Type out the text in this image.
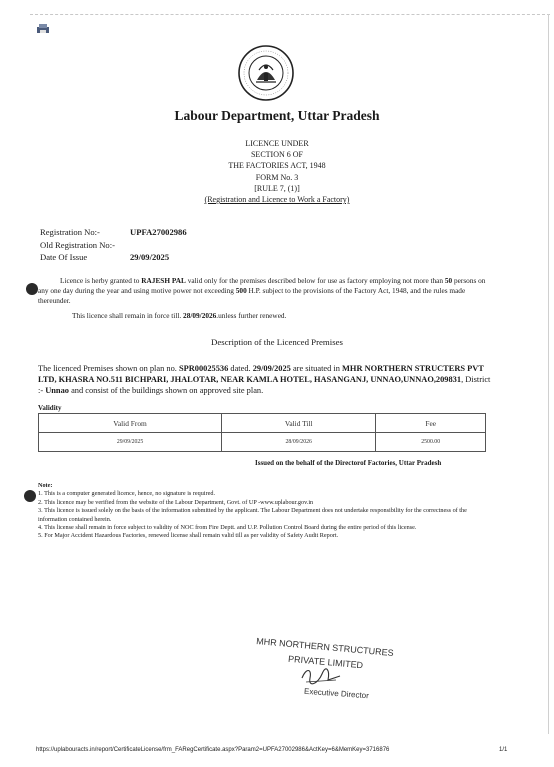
Labour Department, Uttar Pradesh
LICENCE UNDER
SECTION 6 OF
THE FACTORIES ACT, 1948
FORM No. 3
[RULE 7, (1)]
(Registration and Licence to Work a Factory)
Registration No:-	UPFA27002986
Old Registration No:-
Date Of Issue	29/09/2025
Licence is herby granted to RAJESH PAL valid only for the premises described below for use as factory employing not more than 50 persons on any one day during the year and using motive power not exceeding 500 H.P. subject to the provisions of the Factory Act, 1948, and the rules made thereunder.
This licence shall remain in force till. 28/09/2026.unless further renewed.
Description of the Licenced Premises
The licenced Premises shown on plan no. SPR00025536 dated. 29/09/2025 are situated in MHR NORTHERN STRUCTERS PVT LTD, KHASRA NO.511 BICHPARI, JHALOTAR, NEAR KAMLA HOTEL, HASANGANJ, UNNAO,UNNAO,209831, District :- Unnao and consist of the buildings shown on approved site plan.
Validity
Valid From	Valid Till	Fee
29/09/2025	28/09/2026	2500.00
Issued on the behalf of the Directorof Factories, Uttar Pradesh

Note:

1. This is a computer generated licence, hence, no signature is required.

2. This licence may be verified from the website of the Labour Department, Govt. of UP -www.uplabour.gov.in

3. This licence is issued solely on the basis of the information submitted by the applicant. The Labour Department does not undertake responsibility for the correctness of the information contained herein.

4. This license shall remain in force subject to validity of NOC from Fire Deptt. and U.P. Pollution Control Board during the entire period of this license.

5. For Major Accident Hazardous Factories, renewed license shall remain valid till as per validity of Safety Audit Report.

MHR NORTHERN STRUCTURES
PRIVATE LIMITED
Executive Director
https://uplabouracts.in/report/CertificateLicense/frm_FARegCertificate.aspx?Param2=UPFA27002986&ActKey=6&MemKey=3716876	1/1
